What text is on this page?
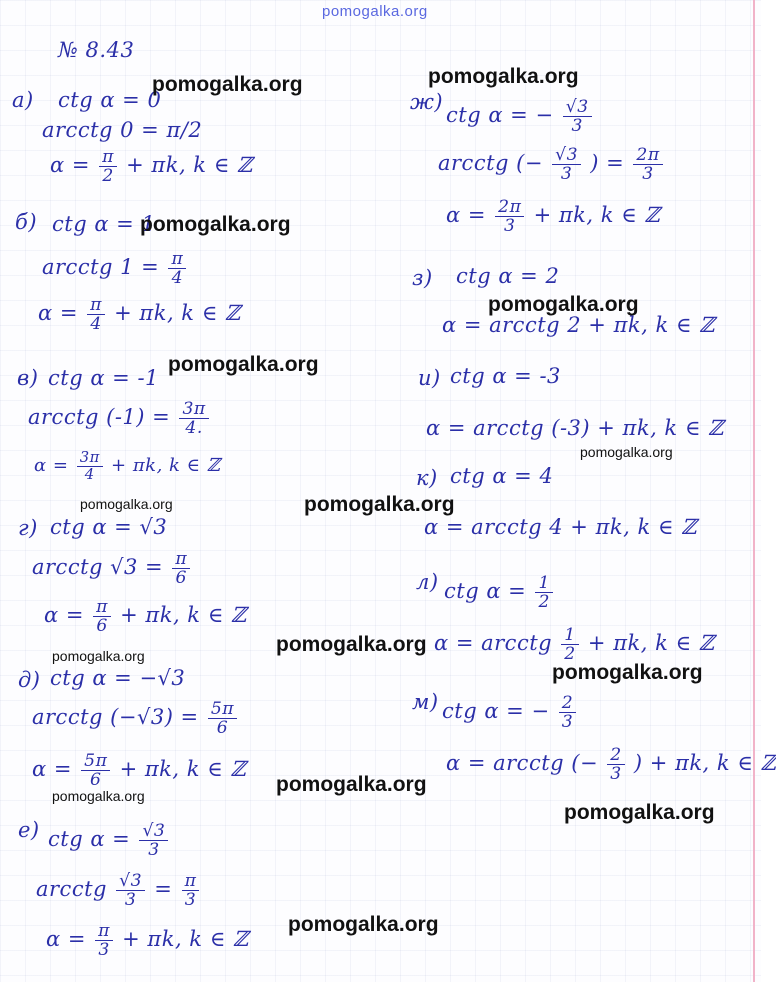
pomogalka.org
№ 8.43
а) ctg α = 0
arcctg 0 = π/2
$\alpha = \frac{\pi}{2} + \pi k$, k ∈ ℤ
б) ctg α = 1
arcctg $1 = \frac{\pi}{4}$
$\alpha = \frac{\pi}{4} + \pi k$, k ∈ ℤ
в) ctg α = -1
arcctg $(-1) = \frac{3\pi}{4.}$
$\alpha = \frac{3\pi}{4} + \pi k$, k ∈ ℤ
г) ctg α = √3
arcctg $√3 = \frac{\pi}{6}$
$\alpha = \frac{\pi}{6} + \pi k$, k ∈ ℤ
д) ctg α = −√3
arcctg $(-√3) = \frac{5\pi}{6}$
$\alpha = \frac{5\pi}{6} + \pi k$, k ∈ ℤ
е) ctg $\alpha = \frac{√3}{3}$
arcctg $\frac{√3}{3} = \frac{\pi}{3}$
$\alpha = \frac{\pi}{3} + \pi k$, k ∈ ℤ
ж)
ctg α = − $\frac{√3}{3}$
arcctg (− $\frac{√3}{3}$ ) = $\frac{2\pi}{3}$
$\alpha = \frac{2\pi}{3} + \pi k$, k ∈ ℤ
з) ctg α = 2
α = arcctg 2 + πk, k ∈ ℤ
и) ctg α = -3
α = arcctg (-3) + πk, k ∈ ℤ
к) ctg α = 4
α = arcctg 4 + πk, k ∈ ℤ
л) ctg $\alpha = \frac{1}{2}$
α = arcctg $\frac{1}{2} + \pi k$, k ∈ ℤ
м) ctg α = − $\frac{2}{3}$
α = arcctg (− $\frac{2}{3}$ ) + πk, k ∈ ℤ
pomogalka.org	pomogalka.org
pomogalka.org
pomogalka.org
pomogalka.org
pomogalka.org
pomogalka.org	pomogalka.org
pomogalka.org
pomogalka.org
pomogalka.org
pomogalka.org
pomogalka.org
pomogalka.org
pomogalka.org
